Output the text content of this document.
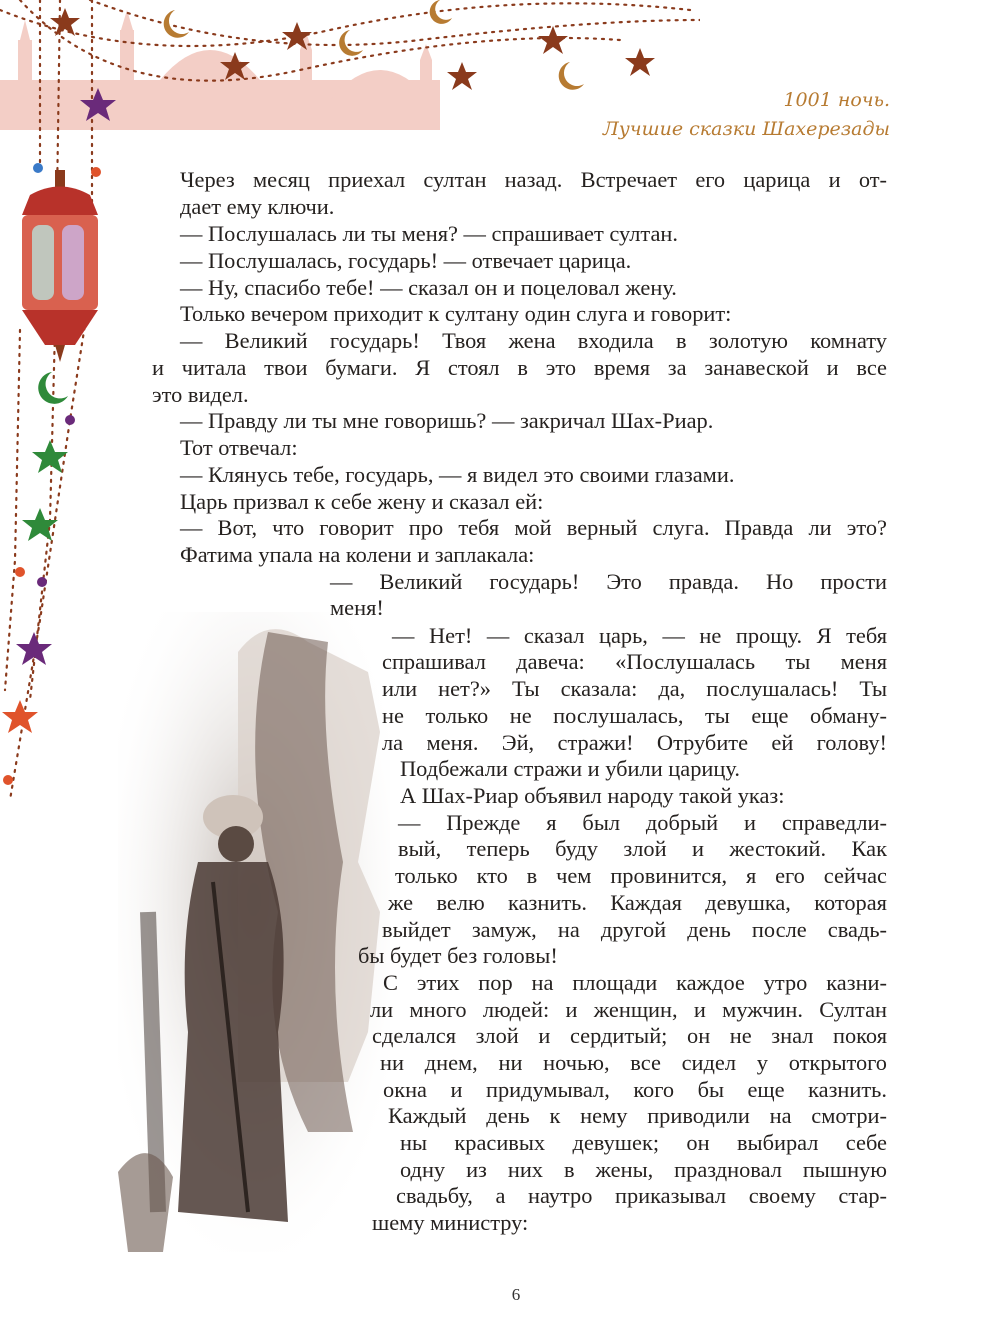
1001 ночь.
Лучшие сказки Шахерезады
Через месяц приехал султан назад. Встречает его царица и от-
дает ему ключи.
— Послушалась ли ты меня? — спрашивает султан.
— Послушалась, государь! — отвечает царица.
— Ну, спасибо тебе! — сказал он и поцеловал жену.
Только вечером приходит к султану один слуга и говорит:
— Великий государь! Твоя жена входила в золотую комнату
и читала твои бумаги. Я стоял в это время за занавеской и все
это видел.
— Правду ли ты мне говоришь? — закричал Шах-Риар.
Тот отвечал:
— Клянусь тебе, государь, — я видел это своими глазами.
Царь призвал к себе жену и сказал ей:
— Вот, что говорит про тебя мой верный слуга. Правда ли это?
Фатима упала на колени и заплакала:
— Великий государь! Это правда. Но прости
меня!
— Нет! — сказал царь, — не прощу. Я тебя
спрашивал давеча: «Послушалась ты меня
или нет?» Ты сказала: да, послушалась! Ты
не только не послушалась, ты еще обману-
ла меня. Эй, стражи! Отрубите ей голову!
Подбежали стражи и убили царицу.
А Шах-Риар объявил народу такой указ:
— Прежде я был добрый и справедли-
вый, теперь буду злой и жестокий. Как
только кто в чем провинится, я его сейчас
же велю казнить. Каждая девушка, которая
выйдет замуж, на другой день после свадь-
бы будет без головы!
С этих пор на площади каждое утро казни-
ли много людей: и женщин, и мужчин. Султан
сделался злой и сердитый; он не знал покоя
ни днем, ни ночью, все сидел у открытого
окна и придумывал, кого бы еще казнить.
Каждый день к нему приводили на смотри-
ны красивых девушек; он выбирал себе
одну из них в жены, праздновал пышную
свадьбу, а наутро приказывал своему стар-
шему министру:
6
